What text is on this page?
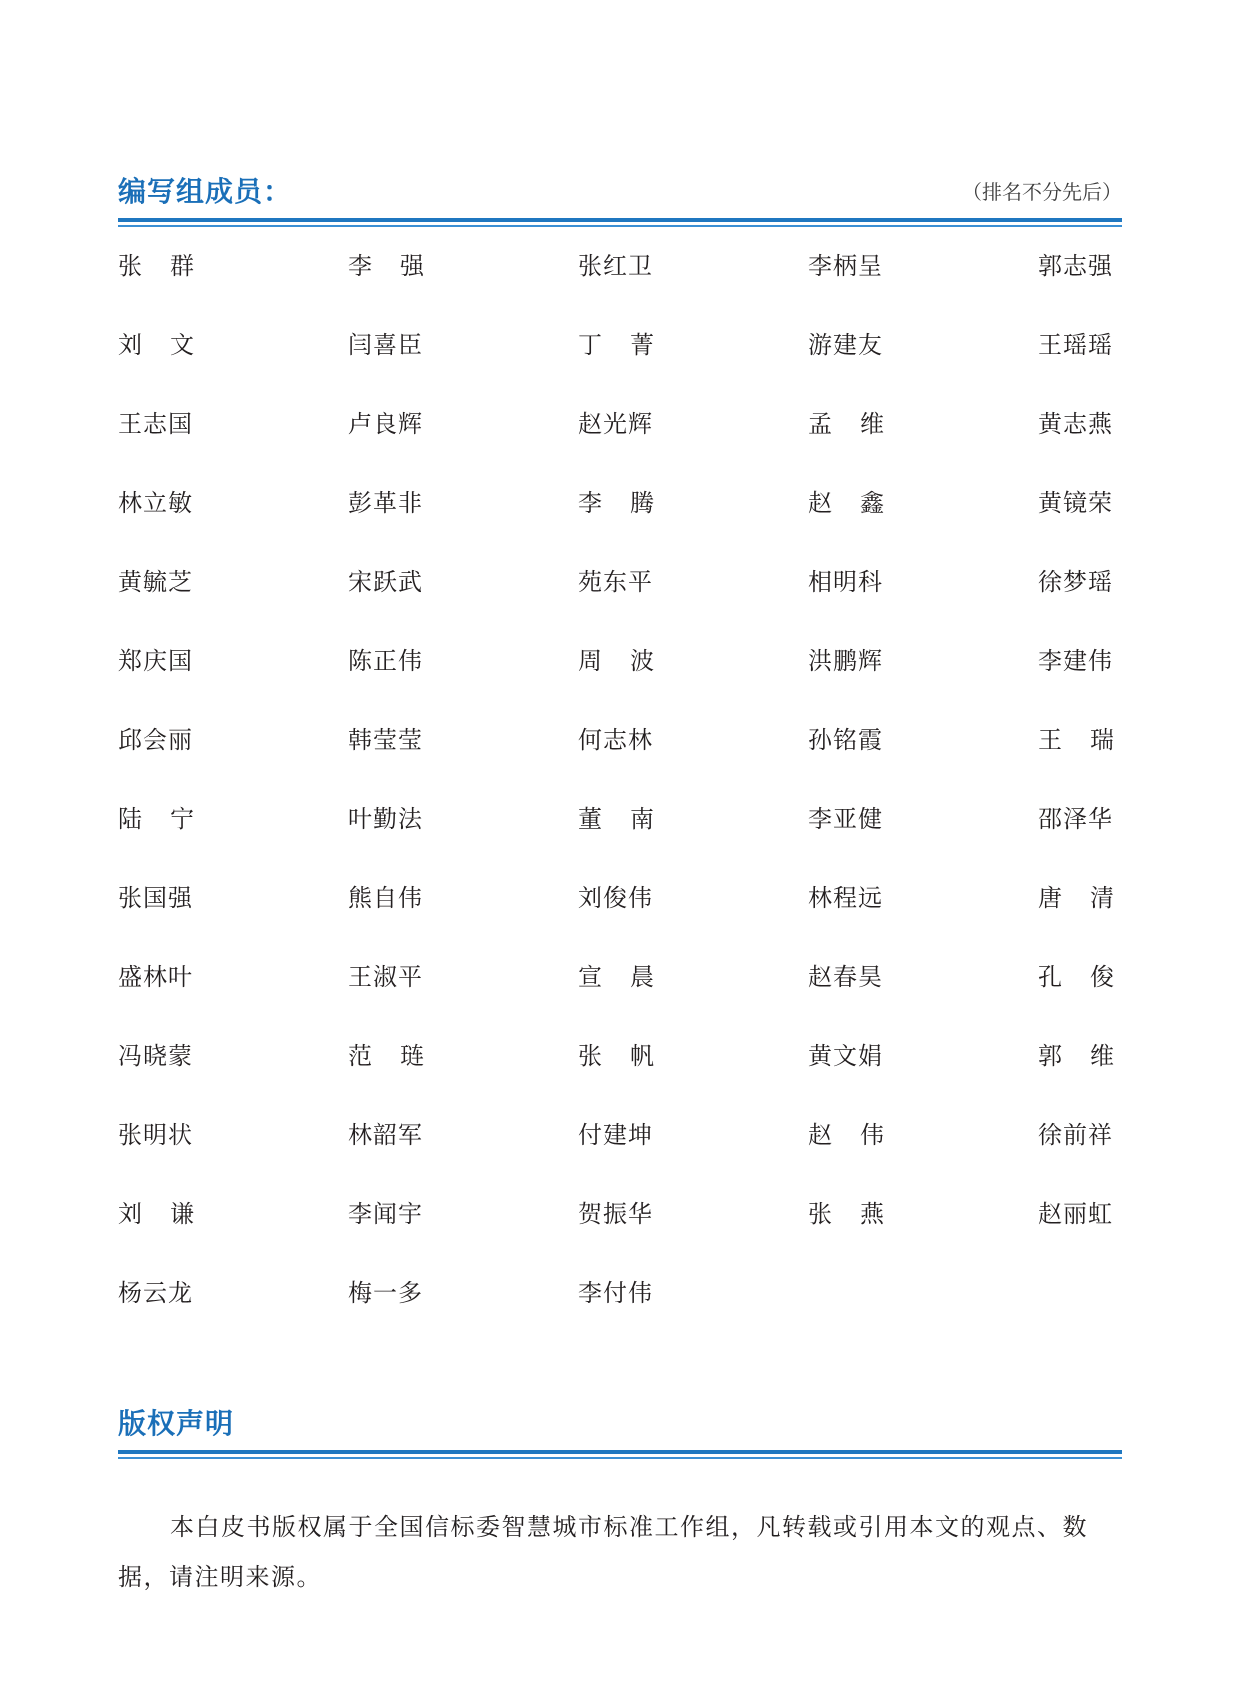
编写组成员：	（排名不分先后）
张 群	李 强	张红卫	李柄呈	郭志强
刘 文	闫喜臣	丁 菁	游建友	王瑶瑶
王志国	卢良辉	赵光辉	孟 维	黄志燕
林立敏	彭革非	李 腾	赵 鑫	黄镜荣
黄毓芝	宋跃武	苑东平	相明科	徐梦瑶
郑庆国	陈正伟	周 波	洪鹏辉	李建伟
邱会丽	韩莹莹	何志林	孙铭霞	王 瑞
陆 宁	叶勤法	董 南	李亚健	邵泽华
张国强	熊自伟	刘俊伟	林程远	唐 清
盛林叶	王淑平	宣 晨	赵春昊	孔 俊
冯晓蒙	范 琏	张 帆	黄文娟	郭 维
张明状	林韶军	付建坤	赵 伟	徐前祥
刘 谦	李闻宇	贺振华	张 燕	赵丽虹
杨云龙	梅一多	李付伟
版权声明

本白皮书版权属于全国信标委智慧城市标准工作组，凡转载或引用本文的观点、数据，请注明来源。
